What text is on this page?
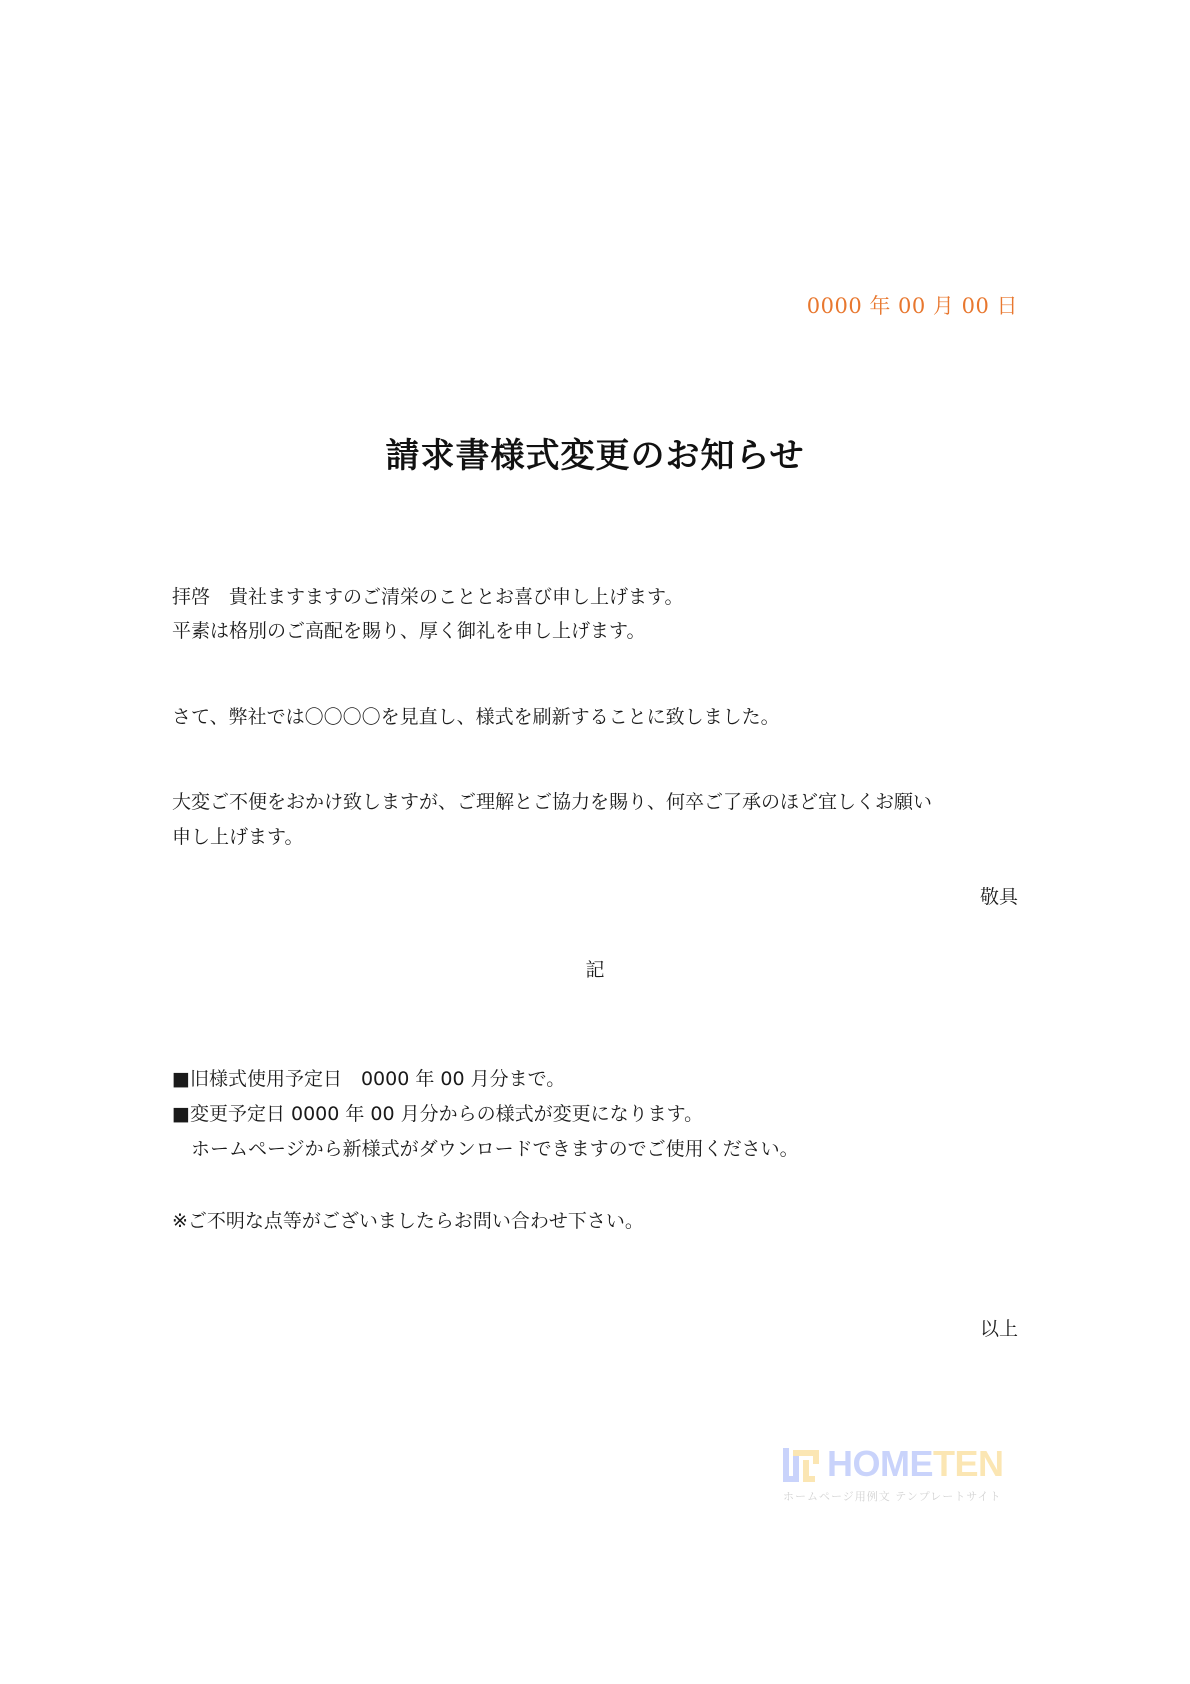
0000 年 00 月 00 日
請求書様式変更のお知らせ
拝啓　貴社ますますのご清栄のこととお喜び申し上げます。
平素は格別のご高配を賜り、厚く御礼を申し上げます。
さて、弊社では〇〇〇〇を見直し、様式を刷新することに致しました。
大変ご不便をおかけ致しますが、ご理解とご協力を賜り、何卒ご了承のほど宜しくお願い
申し上げます。
敬具
記
■旧様式使用予定日　0000 年 00 月分まで。
■変更予定日 0000 年 00 月分からの様式が変更になります。
　ホームページから新様式がダウンロードできますのでご使用ください。
※ご不明な点等がございましたらお問い合わせ下さい。
以上
HOMETEN
ホームページ用例文 テンプレートサイト
